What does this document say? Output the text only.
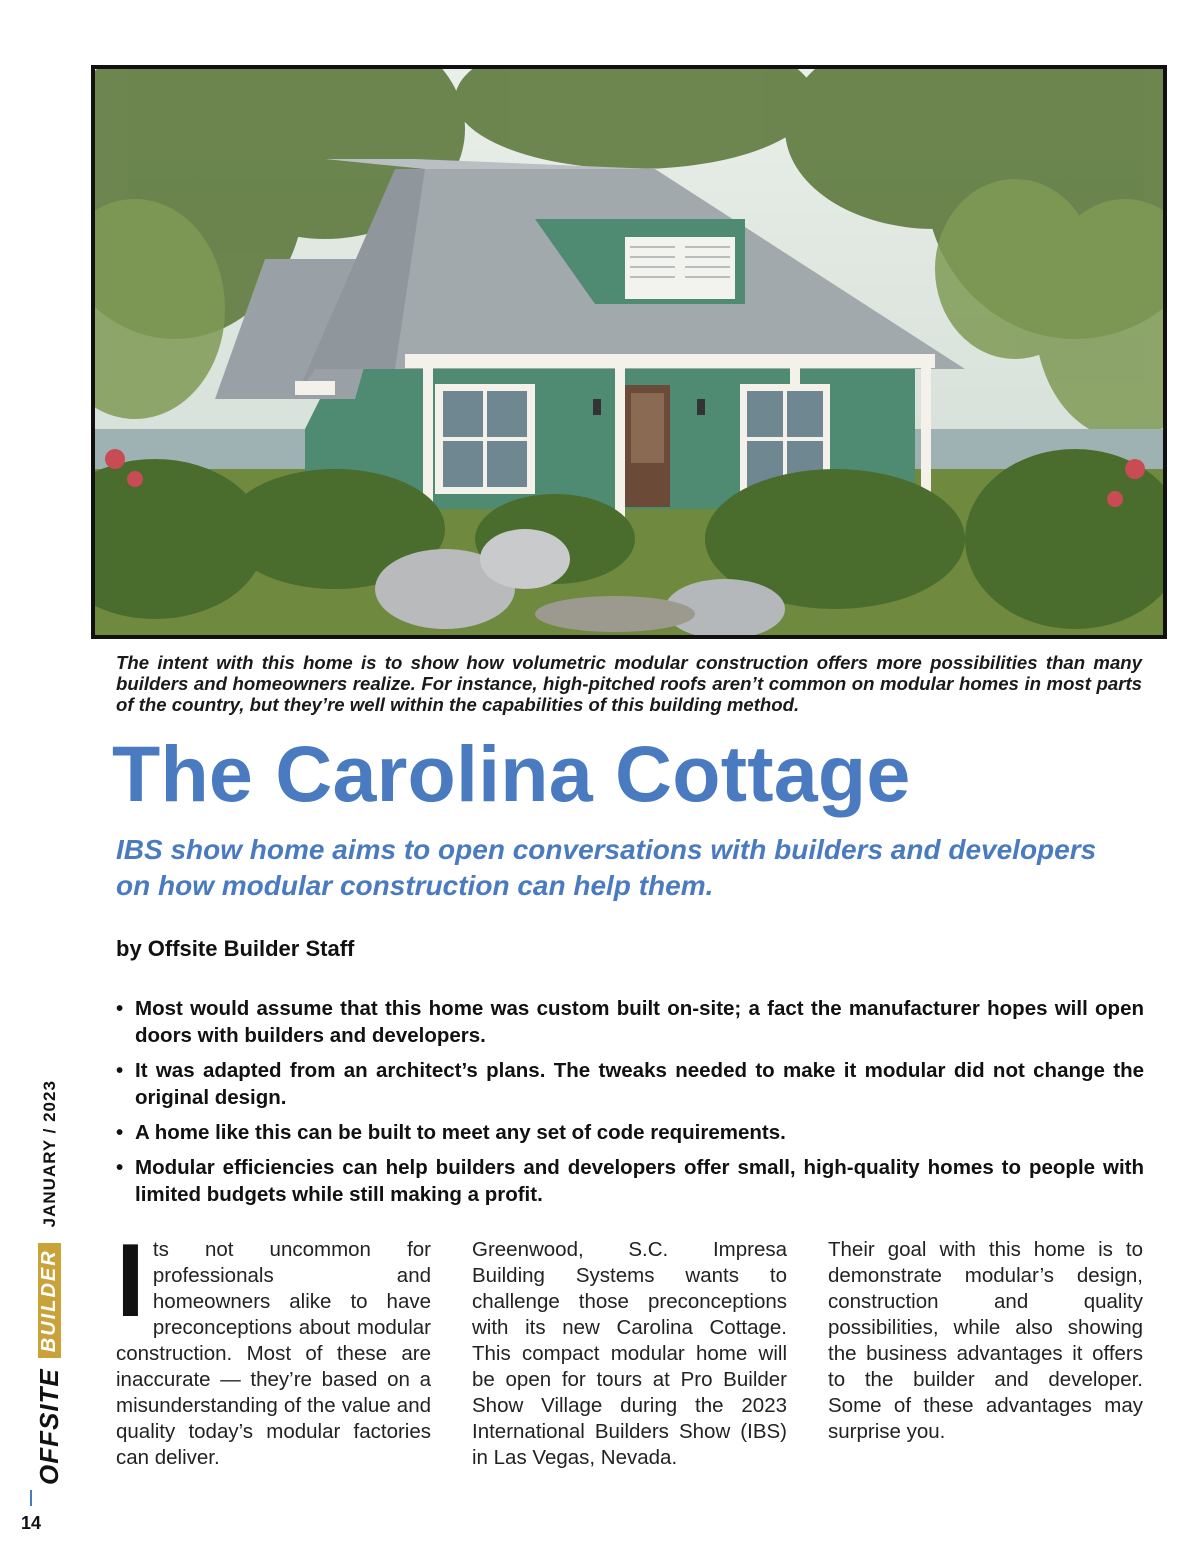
The intent with this home is to show how volumetric modular construction offers more possibilities than many builders and homeowners realize. For instance, high-pitched roofs aren’t common on modular homes in most parts of the country, but they’re well within the capabilities of this building method.
The Carolina Cottage
IBS show home aims to open conversations with builders and developers on how modular construction can help them.
by Offsite Builder Staff
• Most would assume that this home was custom built on-site; a fact the manufacturer hopes will open doors with builders and developers.
• It was adapted from an architect’s plans. The tweaks needed to make it modular did not change the original design.
• A home like this can be built to meet any set of code requirements.
• Modular efficiencies can help builders and developers offer small, high-quality homes to people with limited budgets while still making a profit.
Its not uncommon for professionals and homeowners alike to have preconceptions about modular construction. Most of these are inaccurate — they’re based on a misunderstanding of the value and quality today’s modular factories can deliver.
Greenwood, S.C. Impresa Building Systems wants to challenge those preconceptions with its new Carolina Cottage. This compact modular home will be open for tours at Pro Builder Show Village during the 2023 International Builders Show (IBS) in Las Vegas, Nevada.
Their goal with this home is to demonstrate modular’s design, construction and quality possibilities, while also showing the business advantages it offers to the builder and developer. Some of these advantages may surprise you.
OFFSITE
BUILDER
JANUARY / 2023
14
